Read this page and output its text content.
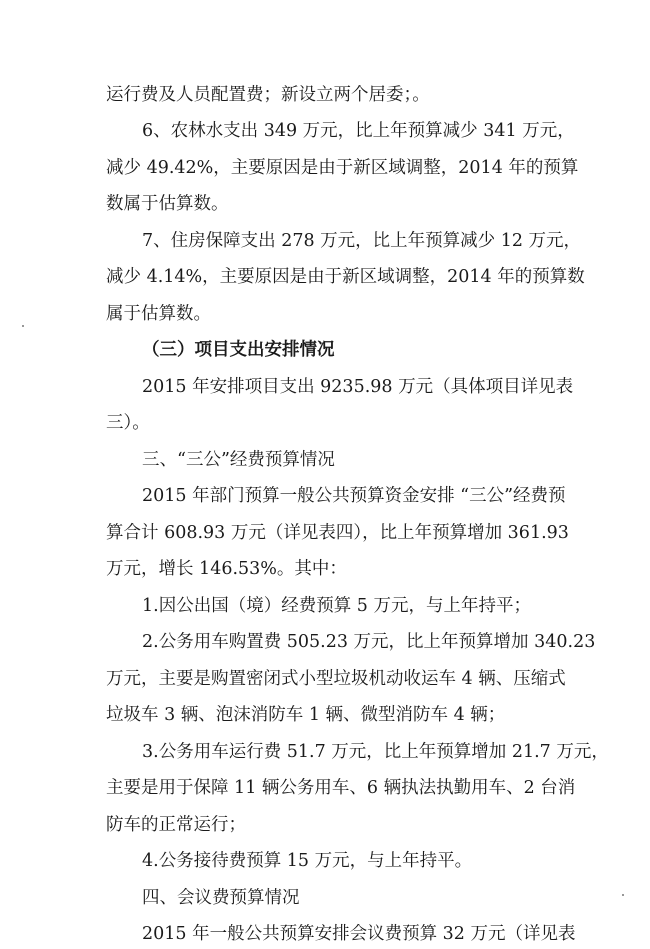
运行费及人员配置费；新设立两个居委；。
6、农林水支出 349 万元，比上年预算减少 341 万元，
减少 49.42%，主要原因是由于新区域调整，2014 年的预算
数属于估算数。
7、住房保障支出 278 万元，比上年预算减少 12 万元，
减少 4.14%，主要原因是由于新区域调整，2014 年的预算数
属于估算数。
（三）项目支出安排情况
2015 年安排项目支出 9235.98 万元（具体项目详见表
三）。
三、“三公”经费预算情况
2015 年部门预算一般公共预算资金安排 “三公”经费预
算合计 608.93 万元（详见表四），比上年预算增加 361.93
万元，增长 146.53%。其中：
1.因公出国（境）经费预算 5 万元，与上年持平；
2.公务用车购置费 505.23 万元，比上年预算增加 340.23
万元，主要是购置密闭式小型垃圾机动收运车 4 辆、压缩式
垃圾车 3 辆、泡沫消防车 1 辆、微型消防车 4 辆；
3.公务用车运行费 51.7 万元，比上年预算增加 21.7 万元，
主要是用于保障 11 辆公务用车、6 辆执法执勤用车、2 台消
防车的正常运行；
4.公务接待费预算 15 万元，与上年持平。
四、会议费预算情况
2015 年一般公共预算安排会议费预算 32 万元（详见表
